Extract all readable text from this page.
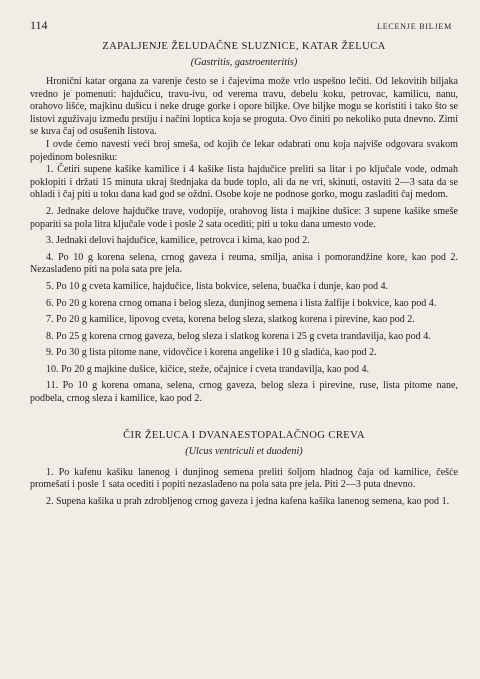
114	LECENJE BILJEM
ZAPALJENJE ŽELUDAČNE SLUZNICE, KATAR ŽELUCA
(Gastritis, gastroenteritis)

Hronični katar organa za varenje često se i čajevima može vrlo uspešno lečiti. Od lekovitih biljaka vredno je pomenuti: hajdučicu, travu-ivu, od verema travu, debelu koku, petrovac, kamilicu, nanu, orahovo lišće, majkinu dušicu i neke druge gorke i opore biljke. Ove biljke mogu se koristiti i tako što se listovi zguživaju između prstiju i načini loptica koja se proguta. Ovo činiti po nekoliko puta dnevno. Zimi se kuva čaj od osušenih listova.

I ovde ćemo navesti veći broj smeša, od kojih će lekar odabrati onu koja najviše odgovara svakom pojedinom bolesniku:

1. Četiri supene kašike kamilice i 4 kašike lista hajdučice preliti sa litar i po ključale vode, odmah poklopiti i držati 15 minuta ukraj štednjaka da bude toplo, ali da ne vri, skinuti, ostaviti 2—3 sata da se ohladi i čaj piti u toku dana kad god se oždni. Osobe koje ne podnose gorko, mogu zasladiti čaj medom.

2. Jednake delove hajdučke trave, vodopije, orahovog lista i majkine dušice: 3 supene kašike smeše popariti sa pola litra ključale vode i posle 2 sata oceditі; piti u toku dana umesto vode.

3. Jednaki delovi hajdučice, kamilice, petrovca i kima, kao pod 2.

4. Po 10 g korena selena, crnog gaveza i reuma, smilja, anisa i pomorandžine kore, kao pod 2. Nezaslađeno piti na pola sata pre jela.

5. Po 10 g cveta kamilice, hajdučice, lista bokvice, selena, buačka i dunje, kao pod 4.

6. Po 20 g korena crnog omana i belog sleza, dunjinog semena i lista žalfije i bokvice, kao pod 4.

7. Po 20 g kamilice, lipovog cveta, korena belog sleza, slatkog korena i pirevine, kao pod 2.

8. Po 25 g korena crnog gaveza, belog sleza i slatkog korena i 25 g cveta trandavilja, kao pod 4.

9. Po 30 g lista pitome nane, vidovčice i korena angelike i 10 g sladića, kao pod 2.

10. Po 20 g majkine dušice, kičice, steže, očajnice i cveta trandavilja, kao pod 4.

11. Po 10 g korena omana, selena, crnog gaveza, belog sleza i pirevine, ruse, lista pitome nane, podbela, crnog sleza i kamilice, kao pod 2.

ČIR ŽELUCA I DVANAESTOPALAČNOG CREVA
(Ulcus ventriculi et duodeni)

1. Po kafenu kašiku lanenog i dunjinog semena preliti šoljom hladnog čaja od kamilice, češće promešati i posle 1 sata ocediti i popiti nezaslađeno na pola sata pre jela. Piti 2—3 puta dnevno.

2. Supena kašika u prah zdrobljenog crnog gaveza i jedna kafena kašika lanenog semena, kao pod 1.
